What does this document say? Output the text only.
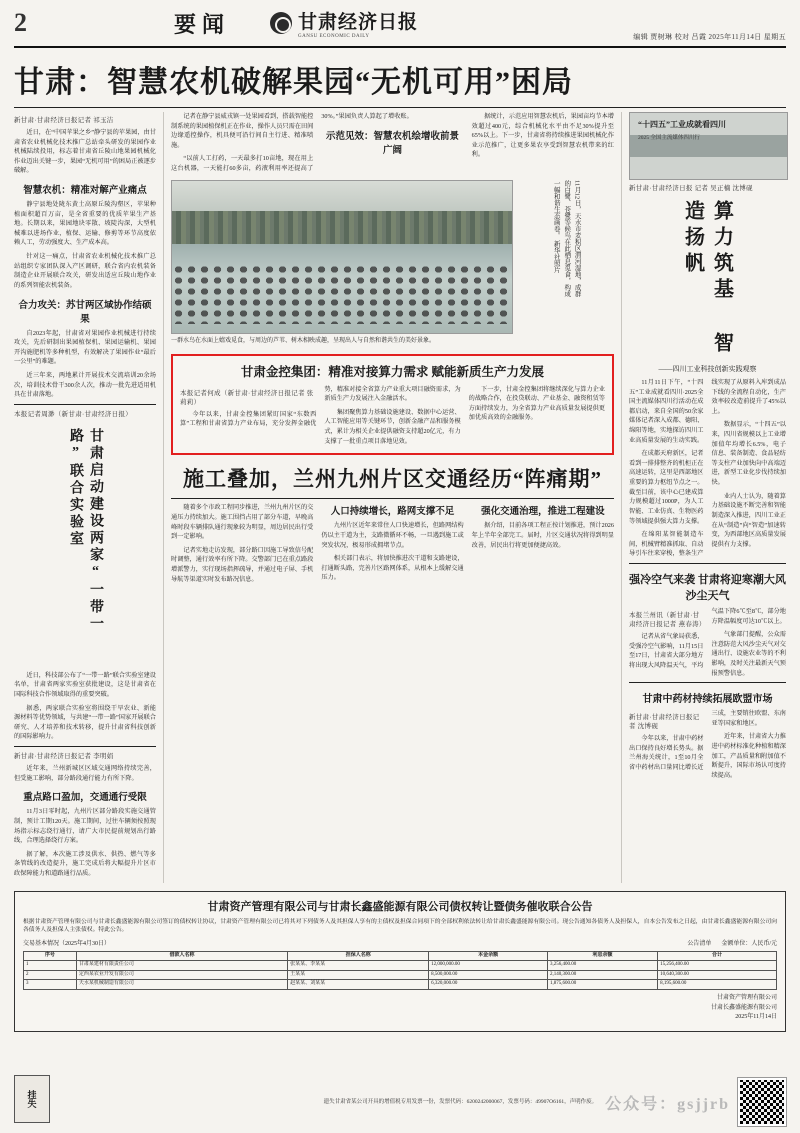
2	要闻	甘肃经济日报
GANSU ECONOMIC DAILY	编辑 贾树琳 校对 吕霞 2025年11月14日 星期五
甘肃：智慧农机破解果园“无机可用”困局
新甘肃·甘肃经济日报记者 祁玉洁

近日，在“中国苹果之乡”静宁县的苹果园，由甘肃省农业机械化技术推广总站牵头研发的果园作业机械陆续投用，标志着甘肃省丘陵山地果园机械化作业迈出关键一步，果园“无机可用”的困局正被逐步破解。

智慧农机：精准对解产业痛点

静宁县地处陇东黄土高原丘陵沟壑区，苹果种植面积超百万亩，是全省重要的优质苹果生产基地。长期以来，果园地块零散、坡陡沟深，大型机械难以进场作业，植保、运输、修剪等环节高度依赖人工，劳动强度大、生产成本高。

针对这一痛点，甘肃省农业机械化技术推广总站组织专家团队深入产区调研，联合省内农机装备制造企业开展联合攻关，研发出适应丘陵山地作业的系列智能农机装备。

合力攻关：苏甘两区域协作结硕果

自2023年起，甘肃省对果园作业机械进行持续攻关，先后研制出果园植保机、果园运输机、果园开沟施肥机等多种机型，有效解决了果园作业“最后一公里”的难题。

近三年来，两地累计开展技术交流培训20余场次，培训技术骨干300余人次，推动一批先进适用机具在甘肃落地。

本报记者周渺（新甘肃·甘肃经济日报）
甘肃启动建设两家“一带一路”联合实验室

近日，科技部公布了“一带一路”联合实验室建设名单，甘肃省两家实验室获批建设，这是甘肃省在国际科技合作领域取得的重要突破。

据悉，两家联合实验室将围绕干旱农业、新能源材料等优势领域，与共建“一带一路”国家开展联合研究、人才培养和技术转移，提升甘肃省科技创新的国际影响力。

新甘肃·甘肃经济日报记者 李明娟

近年来，兰州新城区区域交通网络持续完善，但受施工影响，部分路段通行能力有所下降。

重点路口盈加，交通通行受限

11月3日零时起，九州片区部分路段实施交通管制，预计工期120天。施工期间，过往车辆须按照现场指示标志绕行通行，请广大市民提前规划出行路线，合理选择绕行方案。

据了解，本次施工涉及供水、供热、燃气等多条管线的改造提升，施工完成后将大幅提升片区市政保障能力和道路通行品质。

记者在静宁县威戎镇一处果园看到，搭载智能控制系统的果园植保机正在作业，操作人员只需在田间边缘遥控操作，机具便可沿行间自主行进、精准喷施。

“以前人工打药，一天最多打10亩地，现在用上这台机器，一天能打60多亩，药液利用率还提高了30%。”果园负责人算起了增收账。

示范见效：智慧农机绘增收前景广阔

据统计，示范应用智慧农机后，果园亩均节本增效超过400元，综合机械化水平由不足30%提升至65%以上。下一步，甘肃省将持续推进果园机械化作业示范推广，让更多果农享受到智慧农机带来的红利。

一群水鸟在水面上嬉戏觅食，与周边的芦苇、树木相映成趣，呈现出人与自然和谐共生的美好景象。
11月12日，天水市麦积区渭河湿地，成群的白鹭、苍鹭等候鸟在此栖息觅食，构成一幅和谐生态画卷。 新华社照片
甘肃金控集团：精准对接算力需求 赋能新质生产力发展
本报记者何成（新甘肃·甘肃经济日报记者 张莉莉）

今年以来，甘肃金控集团紧盯国家“东数西算”工程和甘肃省算力产业布局，充分发挥金融优势，精准对接全省算力产业重大项目融资需求，为新质生产力发展注入金融活水。

集团聚焦算力基础设施建设、数据中心运营、人工智能应用等关键环节，创新金融产品和服务模式，累计为相关企业提供融资支持超20亿元，有力支撑了一批重点项目落地见效。

下一步，甘肃金控集团将继续深化与算力企业的战略合作，在投贷联动、产业基金、融资租赁等方面持续发力，为全省算力产业高质量发展提供更加优质高效的金融服务。

施工叠加，兰州九州片区交通经历“阵痛期”

随着多个市政工程同步推进，兰州九州片区的交通压力持续加大。施工围挡占用了部分车道，早晚高峰时段车辆排队通行现象较为明显，周边居民出行受到一定影响。

记者实地走访发现，部分路口因施工导致信号配时调整，通行效率有所下降。交警部门已在重点路段增派警力，实行现场指挥疏导，并通过电子屏、手机导航等渠道实时发布路况信息。

人口持续增长，路网支撑不足

九州片区近年来常住人口快速增长，但路网结构仍以主干道为主，支路微循环不畅，一旦遇到施工或突发状况，极易形成拥堵节点。

相关部门表示，将加快推进次干道和支路建设，打通断头路，完善片区路网体系，从根本上缓解交通压力。

强化交通治理，推进工程建设

据介绍，目前各项工程正按计划推进，预计2026年上半年全部完工。届时，片区交通状况将得到明显改善，居民出行将更加便捷高效。

“十四五”工业成就看四川
2025 全国主流媒体四川行
新甘肃·甘肃经济日报 记者 吴正楠 沈博砚
算力筑基 智造扬帆
——四川工业科技创新实践观察

11月11日下午，“十四五”工业成就看四川·2025全国主流媒体四川行活动在成都启动，来自全国的50余家媒体记者深入成都、德阳、绵阳等地，实地探访四川工业高质量发展的生动实践。

在成都天府新区，记者看到一排排整齐的机柜正在高速运转，这里是西部地区重要的算力枢纽节点之一。截至目前，该中心已建成算力规模超过1000P，为人工智能、工业仿真、生物医药等领域提供强大算力支撑。

在绵阳某智能制造车间，机械臂精准抓取、自动导引车往来穿梭，整条生产线实现了从原料入库到成品下线的全流程自动化，生产效率较改造前提升了45%以上。

数据显示，“十四五”以来，四川省规模以上工业增加值年均增长6.5%，电子信息、装备制造、食品轻纺等支柱产业加快向中高端迈进，新型工业化步伐持续加快。

业内人士认为，随着算力基础设施不断完善和智能制造深入推进，四川工业正在从“制造”向“智造”加速转变，为西部地区高质量发展提供有力支撑。

强冷空气来袭 甘肃将迎寒潮大风沙尘天气
本报兰州讯（新甘肃·甘肃经济日报记者 燕春涛）

记者从省气象局获悉，受强冷空气影响，11月15日至17日，甘肃省大部分地方将出现大风降温天气，平均气温下降6℃至8℃，部分地方降温幅度可达10℃以上。

气象部门提醒，公众需注意防范大风沙尘天气对交通出行、设施农业等的不利影响，及时关注最新天气预报预警信息。

甘肃中药材持续拓展欧盟市场
新甘肃·甘肃经济日报记者 沈博砚

今年以来，甘肃中药材出口保持良好增长势头。据兰州海关统计，1至10月全省中药材出口量同比增长近三成，主要销往欧盟、东南亚等国家和地区。

近年来，甘肃省大力推进中药材标准化种植和精深加工，产品质量和附加值不断提升，国际市场认可度持续提高。

甘肃资产管理有限公司与甘肃长鑫盛能源有限公司债权转让暨债务催收联合公告
根据甘肃资产管理有限公司与甘肃长鑫盛能源有限公司签订的债权转让协议，甘肃资产管理有限公司已将其对下列债务人及其担保人享有的主债权及担保合同项下的全部权利依法转让给甘肃长鑫盛能源有限公司。现公告通知各债务人及担保人，自本公告发布之日起，由甘肃长鑫盛能源有限公司向各债务人及担保人主张债权。特此公告。
交易基本情况（2025年4月30日）	公告清单 金额单位：人民币/元
序号	借款人名称	担保人名称	本金余额	利息余额	合计
1	甘肃某建材有限责任公司	张某某、李某某	12,000,000.00	3,256,400.00	15,256,400.00
2	定西某农业开发有限公司	王某某	8,500,000.00	2,140,300.00	10,640,300.00
3	天水某机械制造有限公司	赵某某、刘某某	6,320,000.00	1,875,600.00	8,195,600.00
甘肃资产管理有限公司
甘肃长鑫盛能源有限公司
2025年11月14日
挂失	遗失甘肃省某公司开具的增值税专用发票一份，发票代码：6200242000067，发票号码：49907O6161，声明作废。 公众号：gsjjrb
